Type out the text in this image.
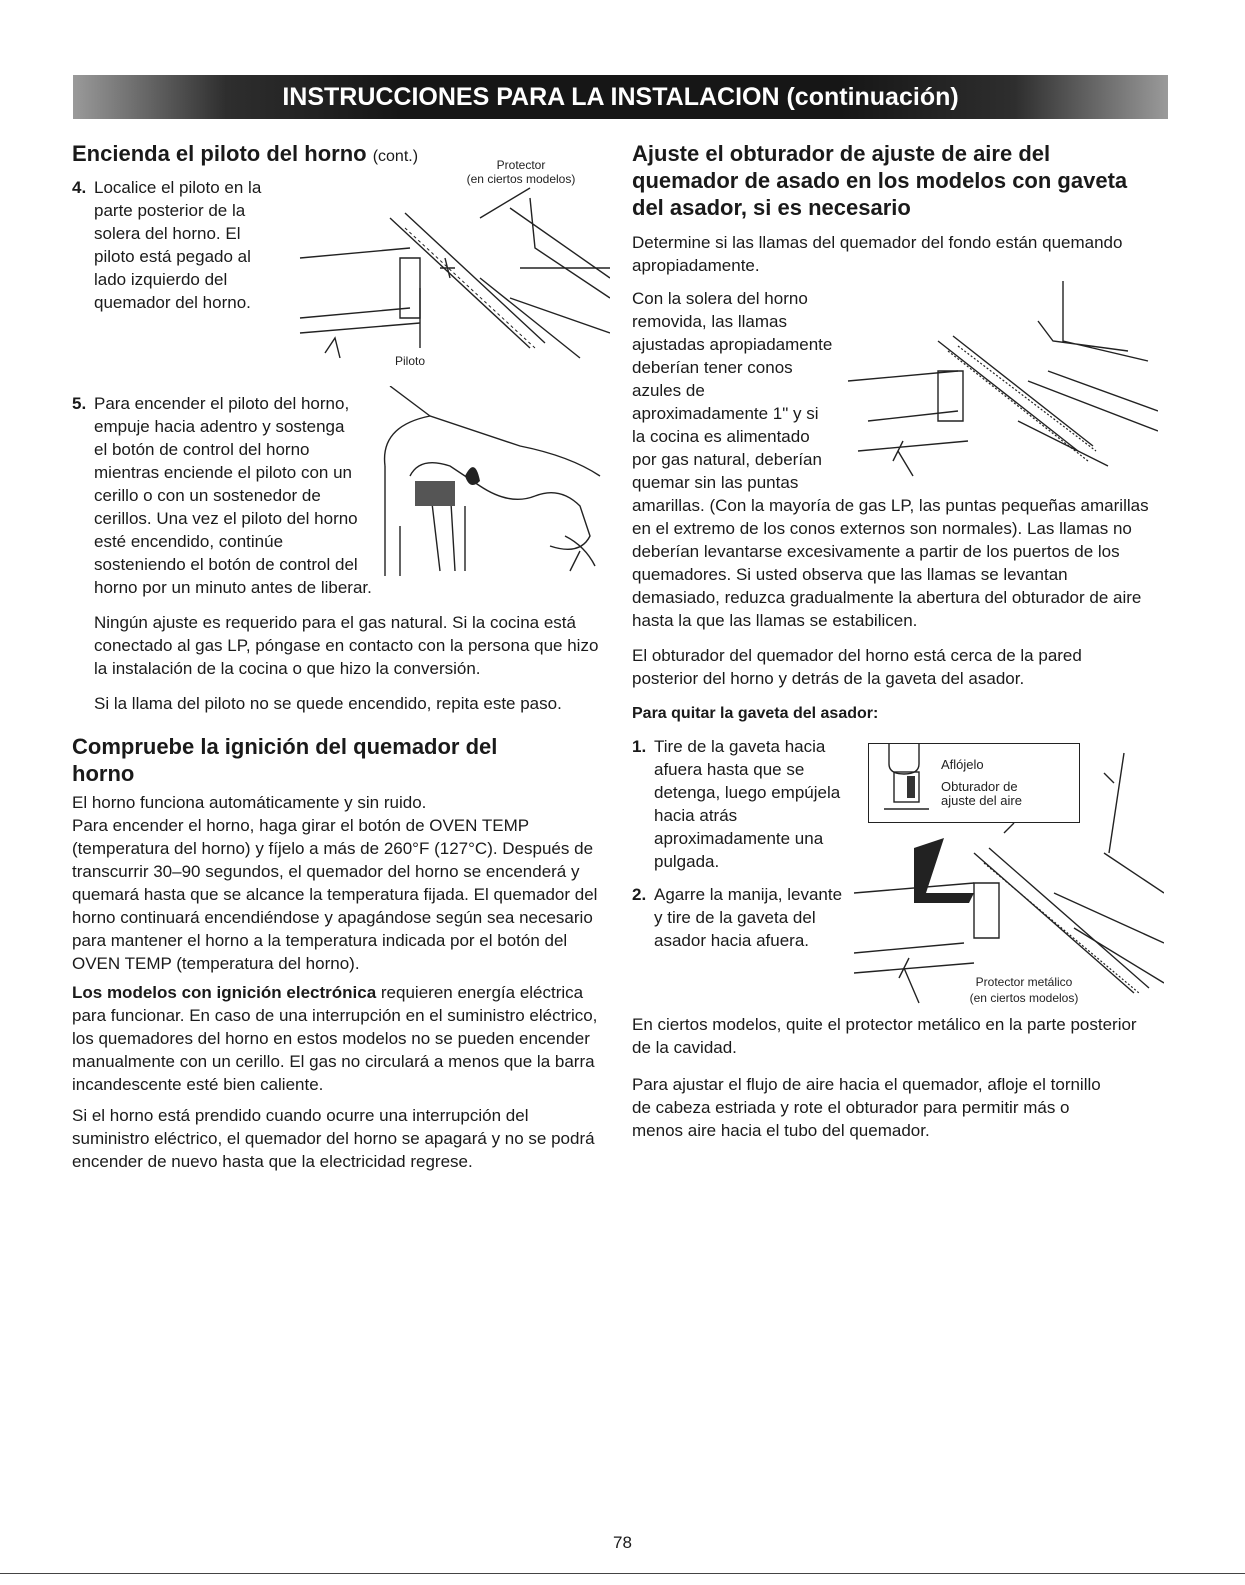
INSTRUCCIONES PARA LA INSTALACION (continuación)
Encienda el piloto del horno (cont.)
4.
Protector
(en ciertos modelos)
Piloto
Localice el piloto en la parte posterior de la solera del horno. El piloto está pegado al lado izquierdo del quemador del horno.
5. Para encender el piloto del horno, empuje hacia adentro y sostenga el botón de control del horno mientras enciende el piloto con un cerillo o con un sostenedor de cerillos. Una vez el piloto del horno esté encendido, continúe sosteniendo el botón de control del horno por un minuto antes de liberar.

Ningún ajuste es requerido para el gas natural. Si la cocina está conectado al gas LP, póngase en contacto con la persona que hizo la instalación de la cocina o que hizo la conversión.

Si la llama del piloto no se quede encendido, repita este paso.

Compruebe la ignición del quemador del horno

El horno funciona automáticamente y sin ruido.

Para encender el horno, haga girar el botón de OVEN TEMP (temperatura del horno) y fíjelo a más de 260°F (127°C). Después de transcurrir 30–90 segundos, el quemador del horno se encenderá y quemará hasta que se alcance la temperatura fijada. El quemador del horno continuará encendiéndose y apagándose según sea necesario para mantener el horno a la temperatura indicada por el botón del OVEN TEMP (temperatura del horno).

Los modelos con ignición electrónica requieren energía eléctrica para funcionar. En caso de una interrupción en el suministro eléctrico, los quemadores del horno en estos modelos no se pueden encender manualmente con un cerillo. El gas no circulará a menos que la barra incandescente esté bien caliente.

Si el horno está prendido cuando ocurre una interrupción del suministro eléctrico, el quemador del horno se apagará y no se podrá encender de nuevo hasta que la electricidad regrese.

Ajuste el obturador de ajuste de aire del quemador de asado en los modelos con gaveta del asador, si es necesario

Determine si las llamas del quemador del fondo están quemando apropiadamente.

Con la solera del horno removida, las llamas ajustadas apropiadamente deberían tener conos azules de aproximadamente 1" y si la cocina es alimentado por gas natural, deberían quemar sin las puntas amarillas. (Con la mayoría de gas LP, las puntas pequeñas amarillas en el extremo de los conos externos son normales). Las llamas no deberían levantarse excesivamente a partir de los puertos de los quemadores. Si usted observa que las llamas se levantan demasiado, reduzca gradualmente la abertura del obturador de aire hasta la que las llamas se estabilicen.

El obturador del quemador del horno está cerca de la pared posterior del horno y detrás de la gaveta del asador.

Para quitar la gaveta del asador:

Aflójelo
Obturador de ajuste del aire
Protector metálico
(en ciertos modelos)
1. Tire de la gaveta hacia afuera hasta que se detenga, luego empújela hacia atrás aproximadamente una pulgada.
2. Agarre la manija, levante y tire de la gaveta del asador hacia afuera.

En ciertos modelos, quite el protector metálico en la parte posterior de la cavidad.

Para ajustar el flujo de aire hacia el quemador, afloje el tornillo de cabeza estriada y rote el obturador para permitir más o menos aire hacia el tubo del quemador.

78
